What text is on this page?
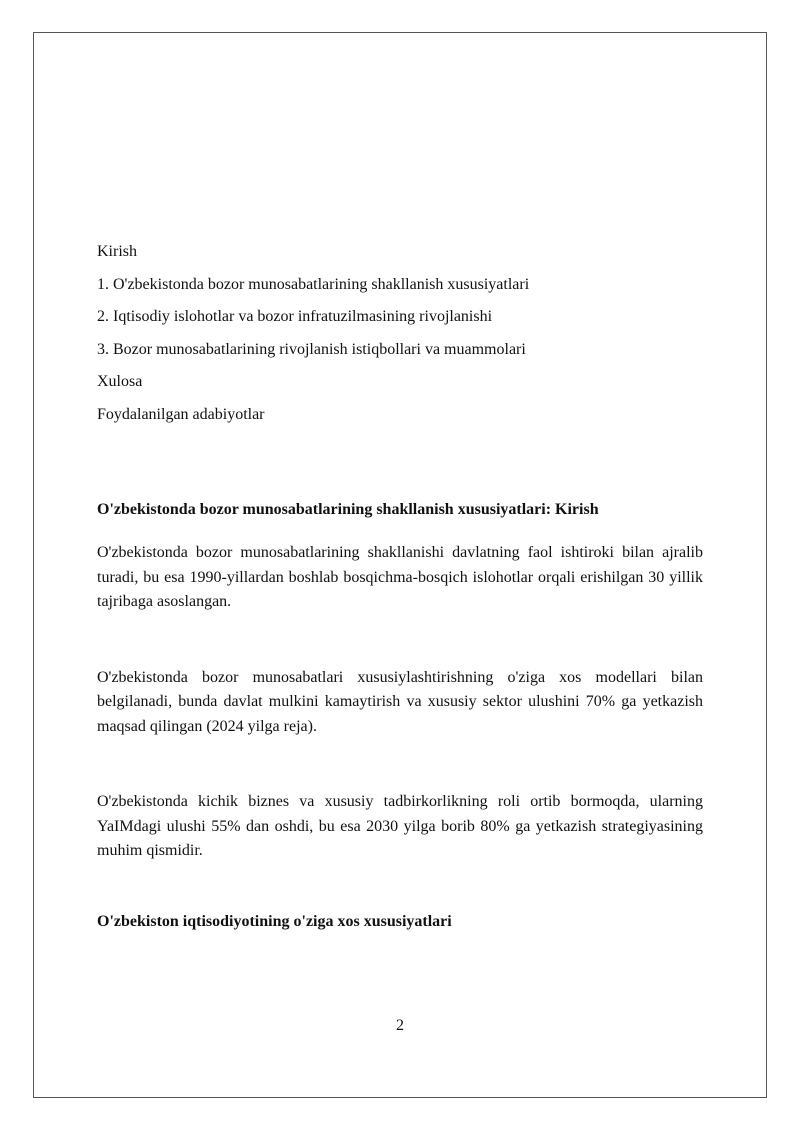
Kirish
1. O'zbekistonda bozor munosabatlarining shakllanish xususiyatlari
2. Iqtisodiy islohotlar va bozor infratuzilmasining rivojlanishi
3. Bozor munosabatlarining rivojlanish istiqbollari va muammolari
Xulosa
Foydalanilgan adabiyotlar

O'zbekistonda bozor munosabatlarining shakllanish xususiyatlari: Kirish

O'zbekistonda bozor munosabatlarining shakllanishi davlatning faol ishtiroki bilan ajralib turadi, bu esa 1990-yillardan boshlab bosqichma-bosqich islohotlar orqali erishilgan 30 yillik tajribaga asoslangan.

O'zbekistonda bozor munosabatlari xususiylashtirishning o'ziga xos modellari bilan belgilanadi, bunda davlat mulkini kamaytirish va xususiy sektor ulushini 70% ga yetkazish maqsad qilingan (2024 yilga reja).

O'zbekistonda kichik biznes va xususiy tadbirkorlikning roli ortib bormoqda, ularning YaIMdagi ulushi 55% dan oshdi, bu esa 2030 yilga borib 80% ga yetkazish strategiyasining muhim qismidir.

O'zbekiston iqtisodiyotining o'ziga xos xususiyatlari

2
